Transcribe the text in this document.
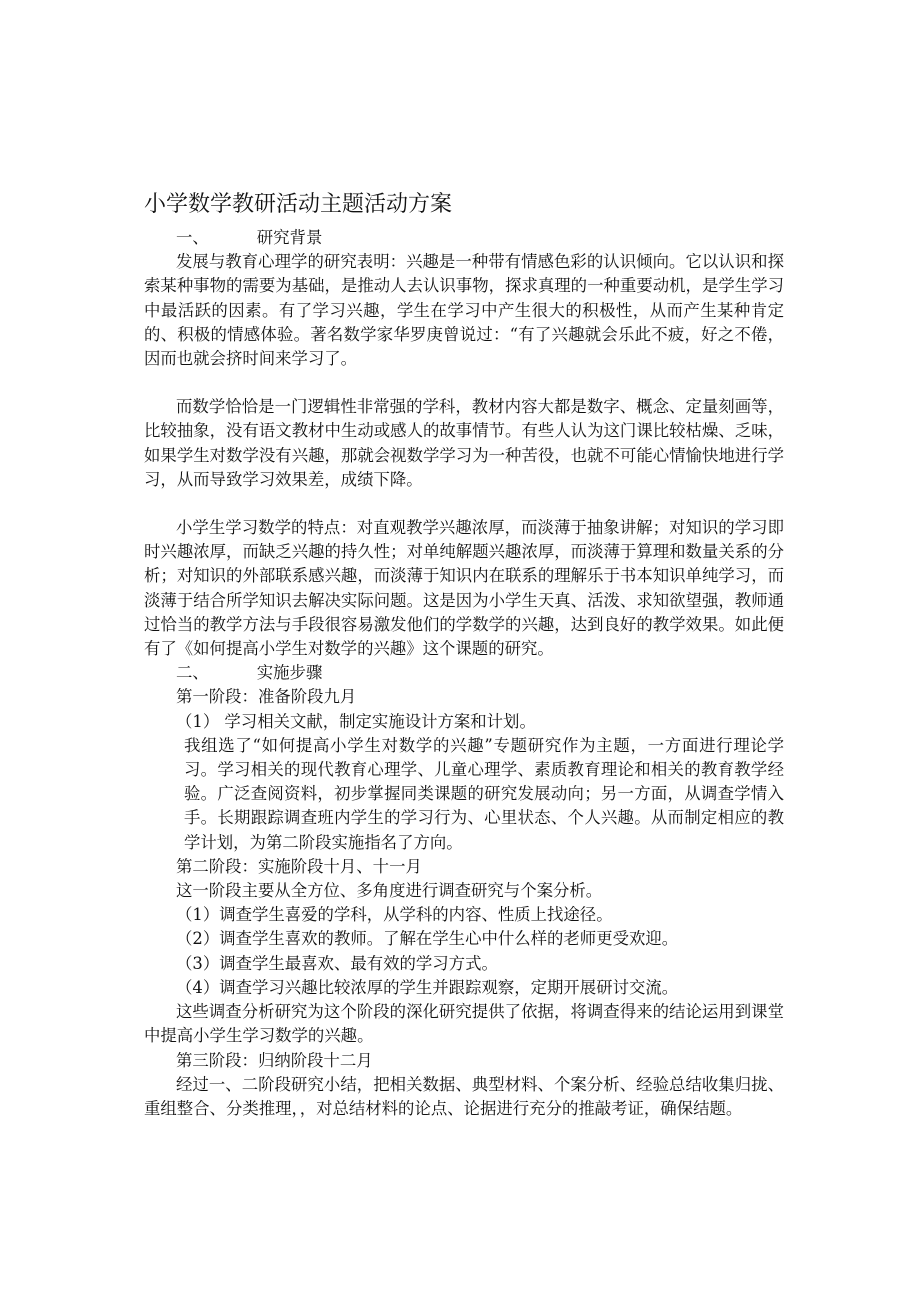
小学数学教研活动主题活动方案

一、	研究背景

发展与教育心理学的研究表明：兴趣是一种带有情感色彩的认识倾向。它以认识和探索某种事物的需要为基础，是推动人去认识事物，探求真理的一种重要动机，是学生学习中最活跃的因素。有了学习兴趣，学生在学习中产生很大的积极性，从而产生某种肯定的、积极的情感体验。著名数学家华罗庚曾说过：“有了兴趣就会乐此不疲，好之不倦，因而也就会挤时间来学习了。

而数学恰恰是一门逻辑性非常强的学科，教材内容大都是数字、概念、定量刻画等，比较抽象，没有语文教材中生动或感人的故事情节。有些人认为这门课比较枯燥、乏味，如果学生对数学没有兴趣，那就会视数学学习为一种苦役，也就不可能心情愉快地进行学习，从而导致学习效果差，成绩下降。

小学生学习数学的特点：对直观教学兴趣浓厚，而淡薄于抽象讲解；对知识的学习即时兴趣浓厚，而缺乏兴趣的持久性；对单纯解题兴趣浓厚，而淡薄于算理和数量关系的分析；对知识的外部联系感兴趣，而淡薄于知识内在联系的理解乐于书本知识单纯学习，而淡薄于结合所学知识去解决实际问题。这是因为小学生天真、活泼、求知欲望强，教师通过恰当的教学方法与手段很容易激发他们的学数学的兴趣，达到良好的教学效果。如此便有了《如何提高小学生对数学的兴趣》这个课题的研究。

二、	实施步骤

第一阶段：准备阶段九月

（1） 学习相关文献，制定实施设计方案和计划。

我组选了“如何提高小学生对数学的兴趣”专题研究作为主题，一方面进行理论学习。学习相关的现代教育心理学、儿童心理学、素质教育理论和相关的教育教学经验。广泛查阅资料，初步掌握同类课题的研究发展动向；另一方面，从调查学情入手。长期跟踪调查班内学生的学习行为、心里状态、个人兴趣。从而制定相应的教学计划，为第二阶段实施指名了方向。

第二阶段：实施阶段十月、十一月

这一阶段主要从全方位、多角度进行调查研究与个案分析。

（1）调查学生喜爱的学科，从学科的内容、性质上找途径。

（2）调查学生喜欢的教师。了解在学生心中什么样的老师更受欢迎。

（3）调查学生最喜欢、最有效的学习方式。

（4）调查学习兴趣比较浓厚的学生并跟踪观察，定期开展研讨交流。

这些调查分析研究为这个阶段的深化研究提供了依据，将调查得来的结论运用到课堂中提高小学生学习数学的兴趣。

第三阶段：归纳阶段十二月

经过一、二阶段研究小结，把相关数据、典型材料、个案分析、经验总结收集归拢、重组整合、分类推理，，对总结材料的论点、论据进行充分的推敲考证，确保结题。
